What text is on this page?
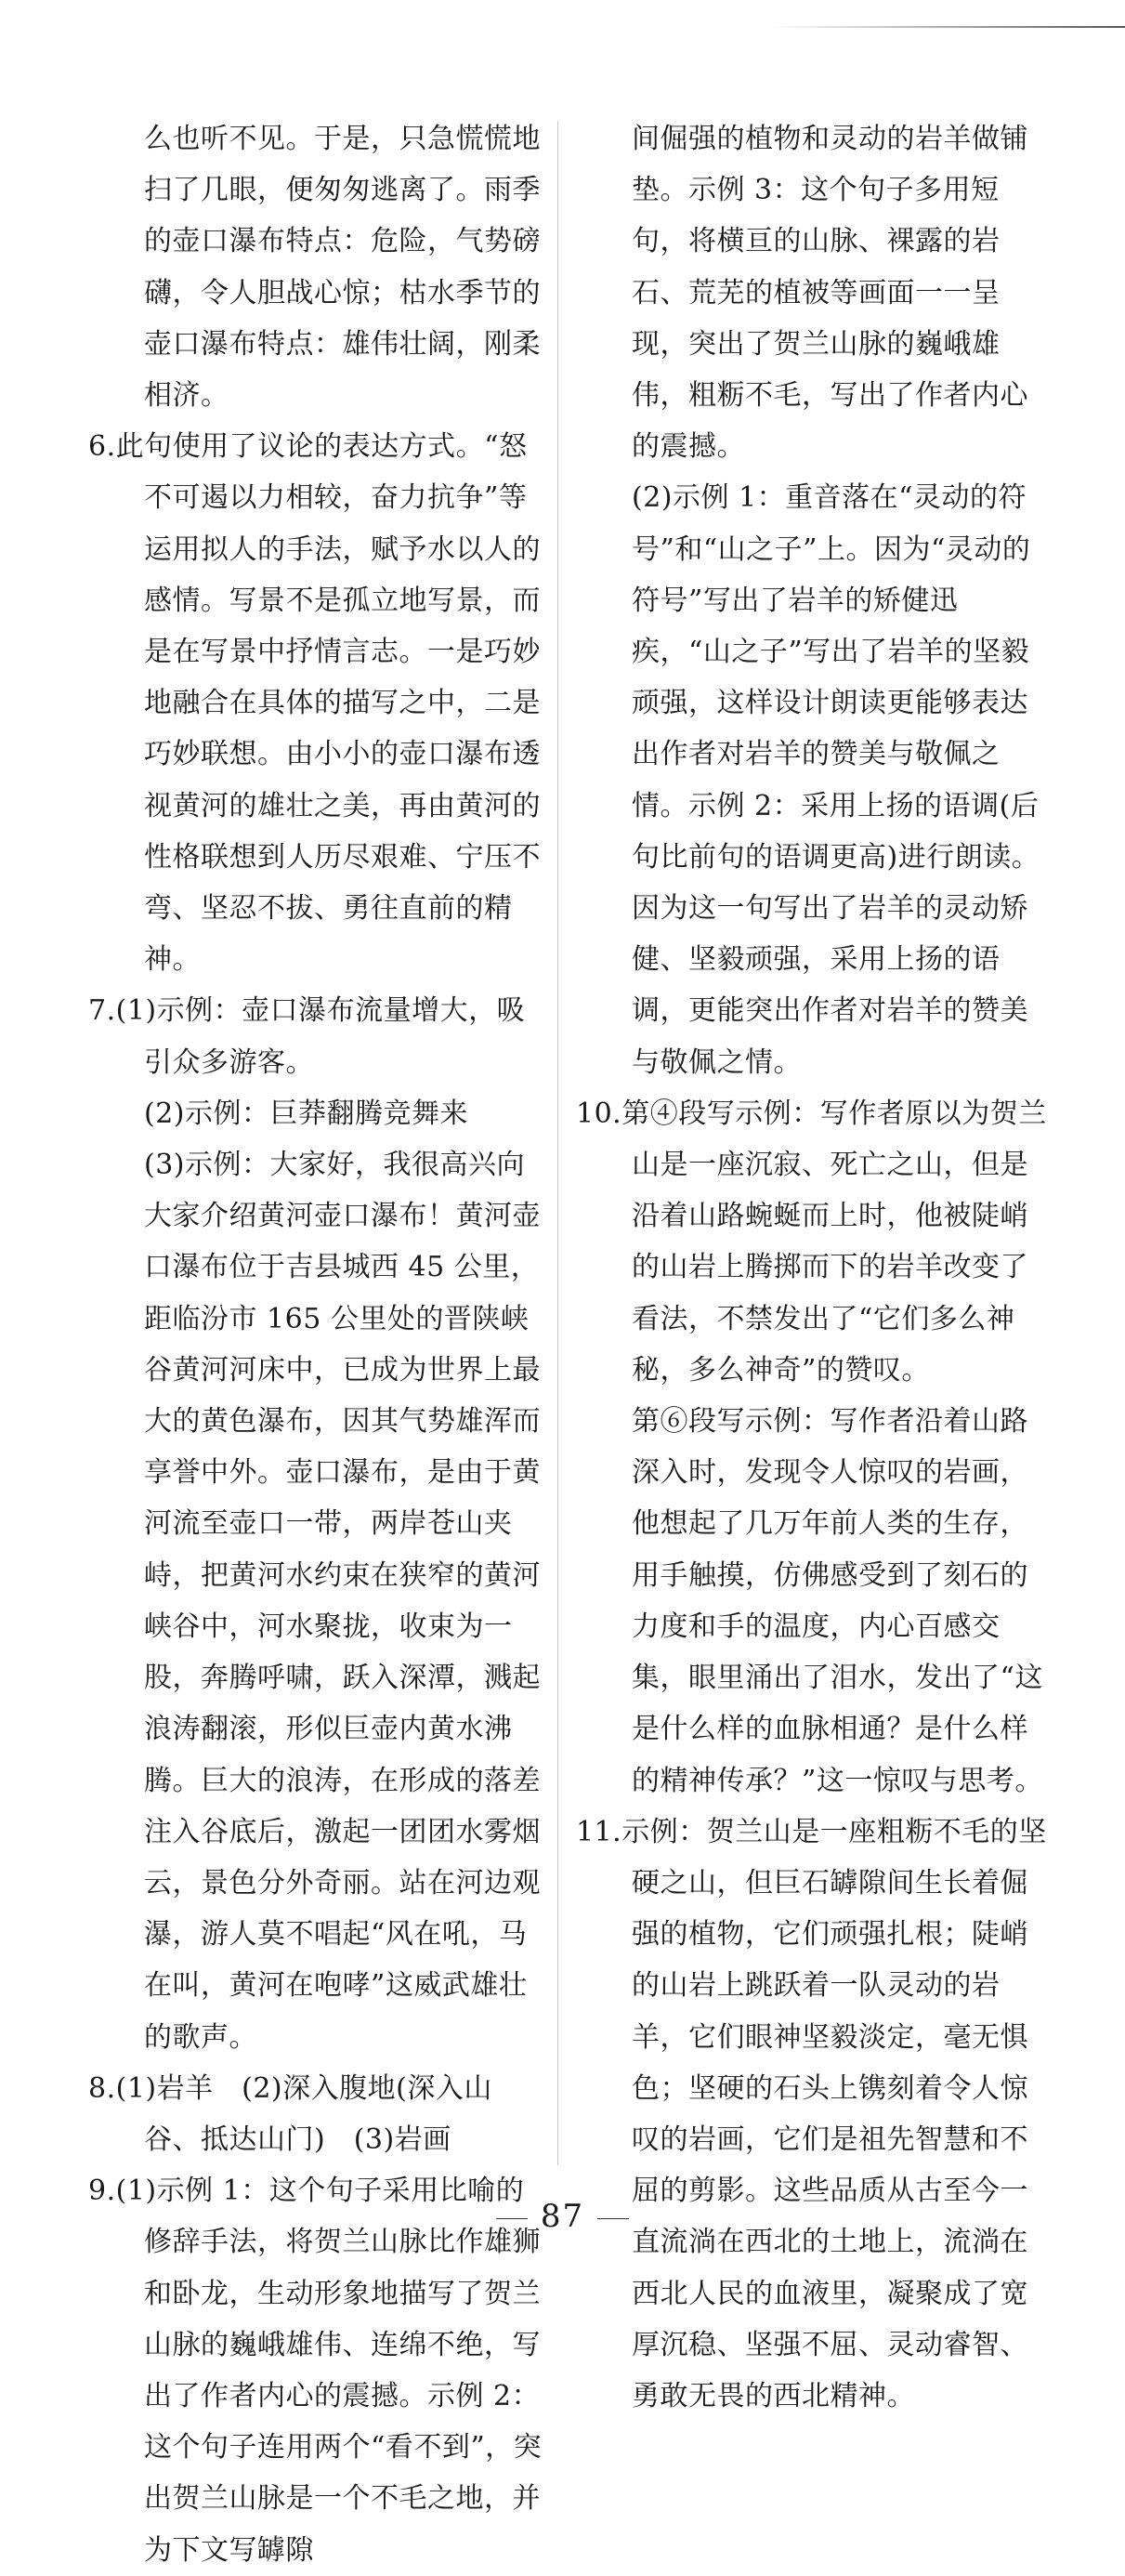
么也听不见。于是，只急慌慌地扫了几眼，便匆匆逃离了。雨季的壶口瀑布特点：危险，气势磅礴，令人胆战心惊；枯水季节的壶口瀑布特点：雄伟壮阔，刚柔相济。

6.此句使用了议论的表达方式。“怒不可遏以力相较，奋力抗争”等运用拟人的手法，赋予水以人的感情。写景不是孤立地写景，而是在写景中抒情言志。一是巧妙地融合在具体的描写之中，二是巧妙联想。由小小的壶口瀑布透视黄河的雄壮之美，再由黄河的性格联想到人历尽艰难、宁压不弯、坚忍不拔、勇往直前的精神。

7.(1)示例：壶口瀑布流量增大，吸引众多游客。

(2)示例：巨莽翻腾竞舞来

(3)示例：大家好，我很高兴向大家介绍黄河壶口瀑布！黄河壶口瀑布位于吉县城西 45 公里，距临汾市 165 公里处的晋陕峡谷黄河河床中，已成为世界上最大的黄色瀑布，因其气势雄浑而享誉中外。壶口瀑布，是由于黄河流至壶口一带，两岸苍山夹峙，把黄河水约束在狭窄的黄河峡谷中，河水聚拢，收束为一股，奔腾呼啸，跃入深潭，溅起浪涛翻滚，形似巨壶内黄水沸腾。巨大的浪涛，在形成的落差注入谷底后，激起一团团水雾烟云，景色分外奇丽。站在河边观瀑，游人莫不唱起“风在吼，马在叫，黄河在咆哮”这威武雄壮的歌声。

8.(1)岩羊　(2)深入腹地(深入山谷、抵达山门)　(3)岩画

9.(1)示例 1：这个句子采用比喻的修辞手法，将贺兰山脉比作雄狮和卧龙，生动形象地描写了贺兰山脉的巍峨雄伟、连绵不绝，写出了作者内心的震撼。示例 2：这个句子连用两个“看不到”，突出贺兰山脉是一个不毛之地，并为下文写罅隙

间倔强的植物和灵动的岩羊做铺垫。示例 3：这个句子多用短句，将横亘的山脉、裸露的岩石、荒芜的植被等画面一一呈现，突出了贺兰山脉的巍峨雄伟，粗粝不毛，写出了作者内心的震撼。

(2)示例 1：重音落在“灵动的符号”和“山之子”上。因为“灵动的符号”写出了岩羊的矫健迅疾，“山之子”写出了岩羊的坚毅顽强，这样设计朗读更能够表达出作者对岩羊的赞美与敬佩之情。示例 2：采用上扬的语调(后句比前句的语调更高)进行朗读。因为这一句写出了岩羊的灵动矫健、坚毅顽强，采用上扬的语调，更能突出作者对岩羊的赞美与敬佩之情。

10.第④段写示例：写作者原以为贺兰山是一座沉寂、死亡之山，但是沿着山路蜿蜒而上时，他被陡峭的山岩上腾掷而下的岩羊改变了看法，不禁发出了“它们多么神秘，多么神奇”的赞叹。

第⑥段写示例：写作者沿着山路深入时，发现令人惊叹的岩画，他想起了几万年前人类的生存，用手触摸，仿佛感受到了刻石的力度和手的温度，内心百感交集，眼里涌出了泪水，发出了“这是什么样的血脉相通？是什么样的精神传承？”这一惊叹与思考。

11.示例：贺兰山是一座粗粝不毛的坚硬之山，但巨石罅隙间生长着倔强的植物，它们顽强扎根；陡峭的山岩上跳跃着一队灵动的岩羊，它们眼神坚毅淡定，毫无惧色；坚硬的石头上镌刻着令人惊叹的岩画，它们是祖先智慧和不屈的剪影。这些品质从古至今一直流淌在西北的土地上，流淌在西北人民的血液里，凝聚成了宽厚沉稳、坚强不屈、灵动睿智、勇敢无畏的西北精神。

87
